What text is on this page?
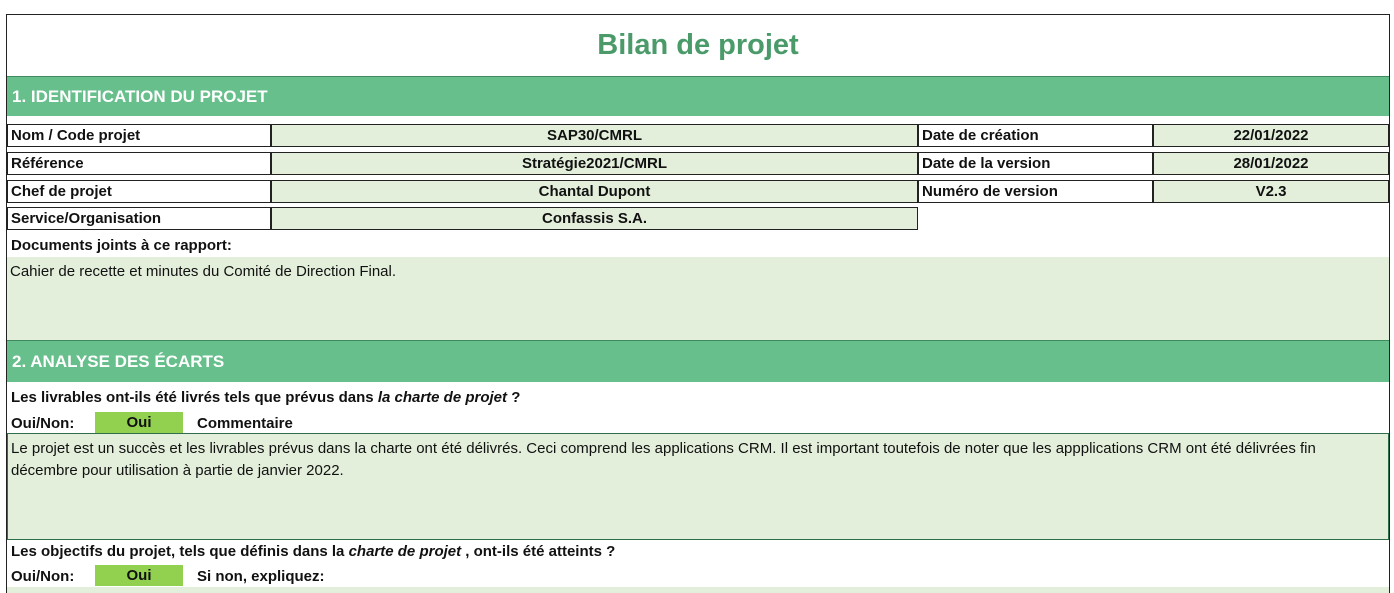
Bilan de projet
1. IDENTIFICATION DU PROJET
Nom / Code projet	SAP30/CMRL	Date de création	22/01/2022
Référence	Stratégie2021/CMRL	Date de la version	28/01/2022
Chef de projet	Chantal Dupont	Numéro de version	V2.3
Service/Organisation	Confassis S.A.
Documents joints à ce rapport:
Cahier de recette et minutes du Comité de Direction Final.
2. ANALYSE DES ÉCARTS
Les livrables ont-ils été livrés tels que prévus dans la charte de projet ?
Oui/Non:	Oui	Commentaire
Le projet est un succès et les livrables prévus dans la charte ont été délivrés. Ceci comprend les applications CRM. Il est important toutefois de noter que les appplications CRM ont été délivrées fin décembre pour utilisation à partie de janvier 2022.
Les objectifs du projet, tels que définis dans la charte de projet , ont-ils été atteints ?
Oui/Non:	Oui	Si non, expliquez:
